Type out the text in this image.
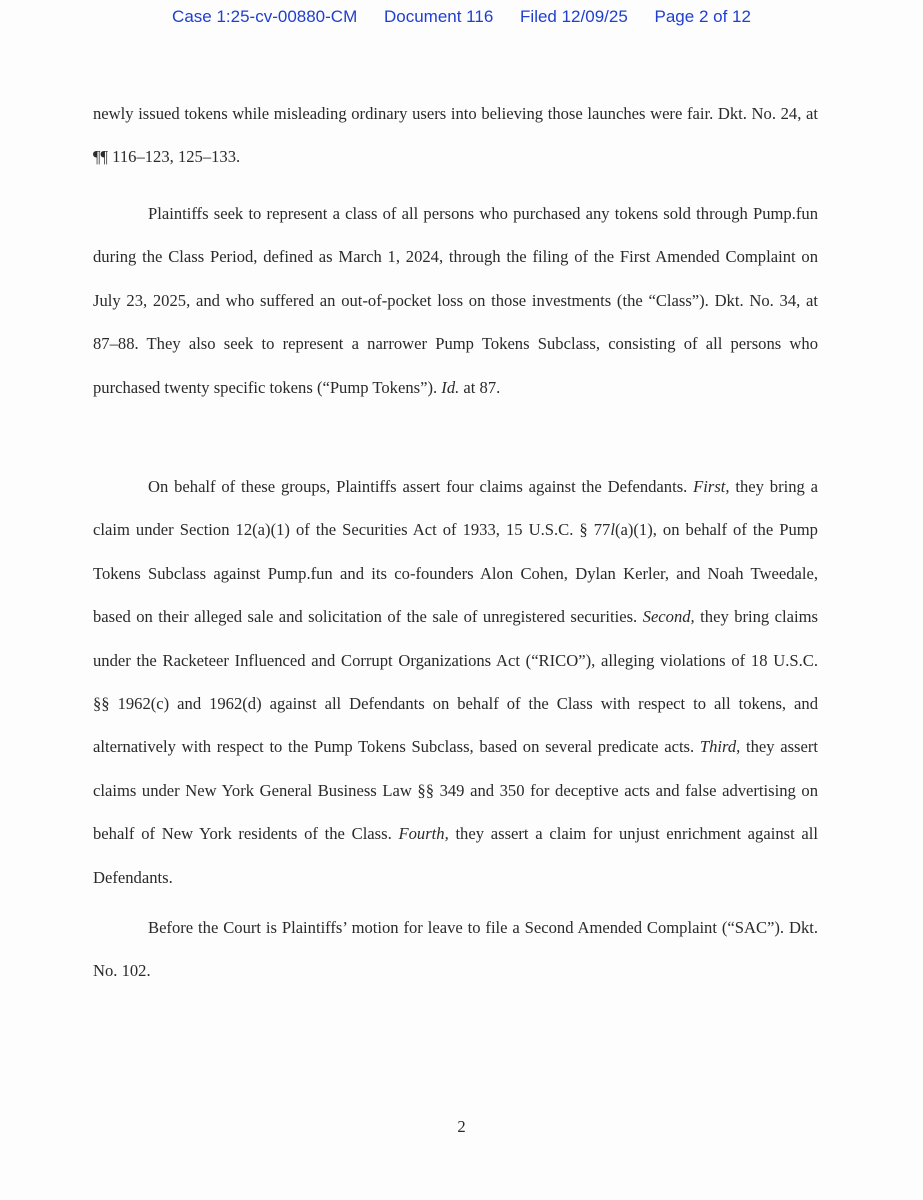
Case 1:25-cv-00880-CM Document 116 Filed 12/09/25 Page 2 of 12

newly issued tokens while misleading ordinary users into believing those launches were fair. Dkt. No. 24, at ¶¶ 116–123, 125–133.

Plaintiffs seek to represent a class of all persons who purchased any tokens sold through Pump.fun during the Class Period, defined as March 1, 2024, through the filing of the First Amended Complaint on July 23, 2025, and who suffered an out-of-pocket loss on those investments (the “Class”). Dkt. No. 34, at 87–88. They also seek to represent a narrower Pump Tokens Subclass, consisting of all persons who purchased twenty specific tokens (“Pump Tokens”). Id. at 87.

On behalf of these groups, Plaintiffs assert four claims against the Defendants. First, they bring a claim under Section 12(a)(1) of the Securities Act of 1933, 15 U.S.C. § 77l(a)(1), on behalf of the Pump Tokens Subclass against Pump.fun and its co-founders Alon Cohen, Dylan Kerler, and Noah Tweedale, based on their alleged sale and solicitation of the sale of unregistered securities. Second, they bring claims under the Racketeer Influenced and Corrupt Organizations Act (“RICO”), alleging violations of 18 U.S.C. §§ 1962(c) and 1962(d) against all Defendants on behalf of the Class with respect to all tokens, and alternatively with respect to the Pump Tokens Subclass, based on several predicate acts. Third, they assert claims under New York General Business Law §§ 349 and 350 for deceptive acts and false advertising on behalf of New York residents of the Class. Fourth, they assert a claim for unjust enrichment against all Defendants.

Before the Court is Plaintiffs’ motion for leave to file a Second Amended Complaint (“SAC”). Dkt. No. 102.

2
